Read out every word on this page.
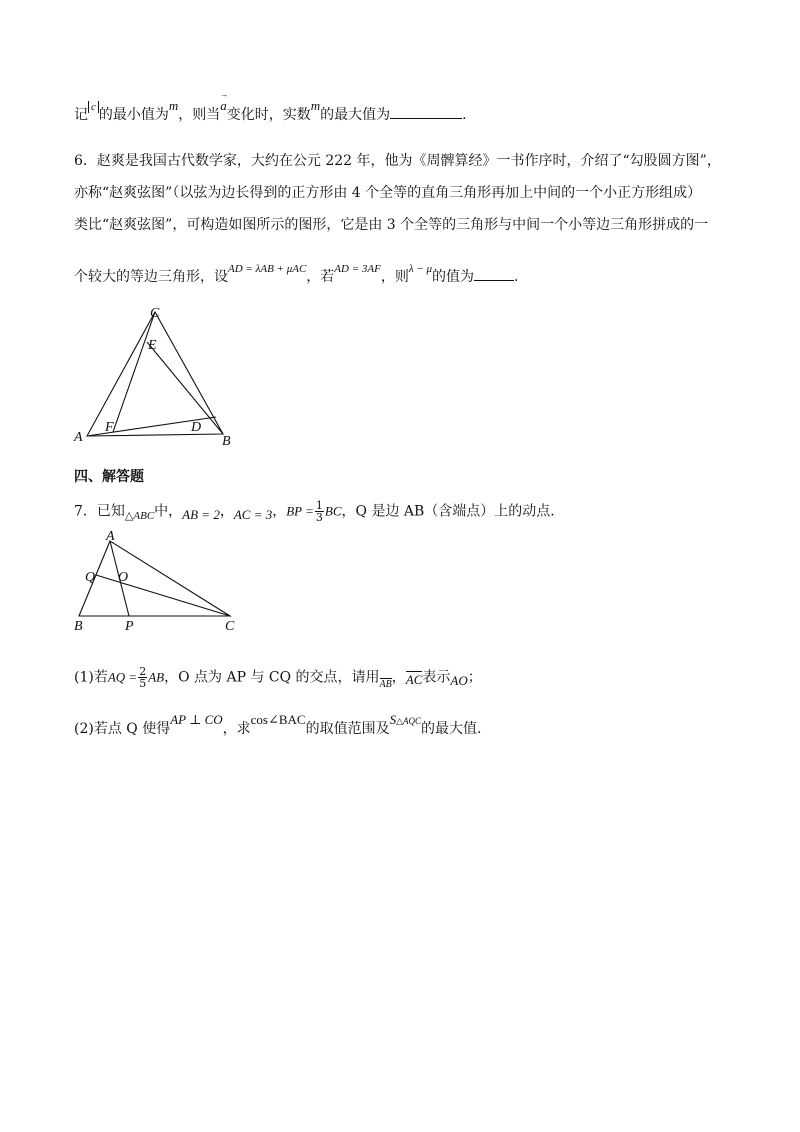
记 $^c$ 的最小值为m，则当→ a变化时，实数m的最大值为	.
6．赵爽是我国古代数学家，大约在公元 222 年，他为《周髀算经》一书作序时，介绍了“勾股圆方图”，
亦称“赵爽弦图”（以弦为边长得到的正方形由 4 个全等的直角三角形再加上中间的一个小正方形组成）
类比“赵爽弦图”，可构造如图所示的图形，它是由 3 个全等的三角形与中间一个小等边三角形拼成的一
个较大的等边三角形，设$^{AD = \lambda AB + \mu AC}$，若$^{AD = 3AF}$，则$^{\lambda - \mu}$的值为	.
C
E
F	D
A	B
四、解答题
7．已知$_{\triangle ABC}$中，AB = 2，AC = 3，BP = $\frac{1}{3}$ BC，Q 是边 AB（含端点）上的动点.
A
Q O
B	P	C
(1)若AQ = $\frac{2}{5}$ AB，O 点为 AP 与 CQ 的交点，请用$_{AB}$，AC表示AO；
(2)若点 Q 使得AP ⊥ CO，求cos∠BAC的取值范围及S△AQC的最大值.
